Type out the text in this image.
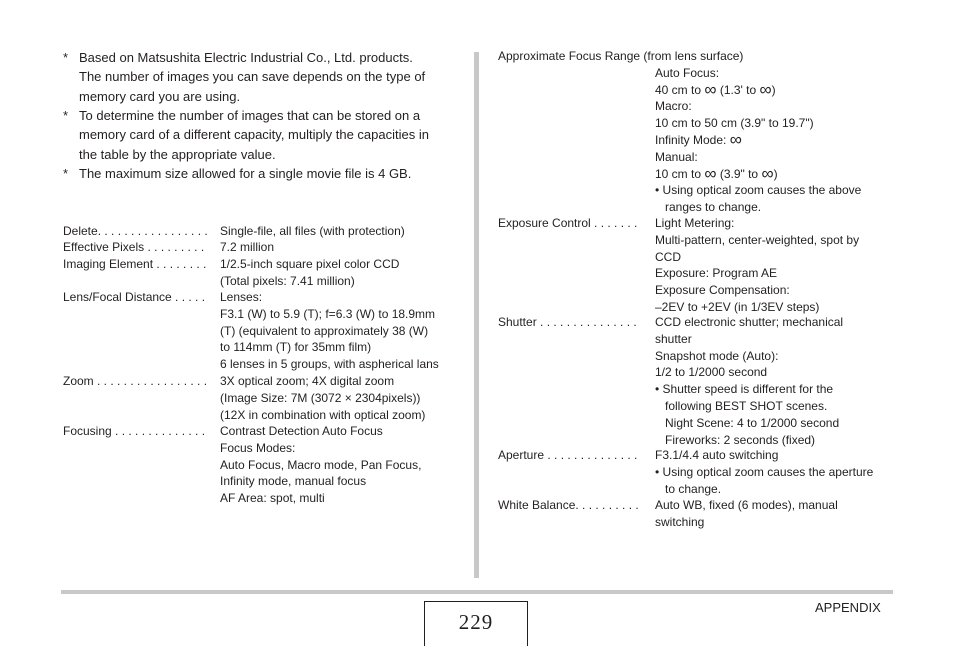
* Based on Matsushita Electric Industrial Co., Ltd. products.
The number of images you can save depends on the type of
memory card you are using.
* To determine the number of images that can be stored on a
memory card of a different capacity, multiply the capacities in
the table by the appropriate value.
* The maximum size allowed for a single movie file is 4 GB.
Delete. . . . . . . . . . . . . . . . . Single-file, all files (with protection)
Effective Pixels . . . . . . . . . 7.2 million
Imaging Element . . . . . . . . 1/2.5-inch square pixel color CCD
(Total pixels: 7.41 million)
Lens/Focal Distance . . . . . Lenses:
F3.1 (W) to 5.9 (T); f=6.3 (W) to 18.9mm
(T) (equivalent to approximately 38 (W)
to 114mm (T) for 35mm film)
6 lenses in 5 groups, with aspherical lans
Zoom . . . . . . . . . . . . . . . . . 3X optical zoom; 4X digital zoom
(Image Size: 7M (3072 × 2304pixels))
(12X in combination with optical zoom)
Focusing . . . . . . . . . . . . . . Contrast Detection Auto Focus
Focus Modes:
Auto Focus, Macro mode, Pan Focus,
Infinity mode, manual focus
AF Area: spot, multi
Approximate Focus Range (from lens surface)
Auto Focus:
40 cm to ∞ (1.3' to ∞)
Macro:
10 cm to 50 cm (3.9" to 19.7")
Infinity Mode: ∞
Manual:
10 cm to ∞ (3.9" to ∞)
• Using optical zoom causes the above
ranges to change.
Exposure Control . . . . . . . Light Metering:
Multi-pattern, center-weighted, spot by
CCD
Exposure: Program AE
Exposure Compensation:
–2EV to +2EV (in 1/3EV steps)
Shutter . . . . . . . . . . . . . . . CCD electronic shutter; mechanical
shutter
Snapshot mode (Auto):
1/2 to 1/2000 second
• Shutter speed is different for the
following BEST SHOT scenes.
Night Scene: 4 to 1/2000 second
Fireworks: 2 seconds (fixed)
Aperture . . . . . . . . . . . . . . F3.1/4.4 auto switching
• Using optical zoom causes the aperture
to change.
White Balance. . . . . . . . . . Auto WB, fixed (6 modes), manual
switching
229
APPENDIX
